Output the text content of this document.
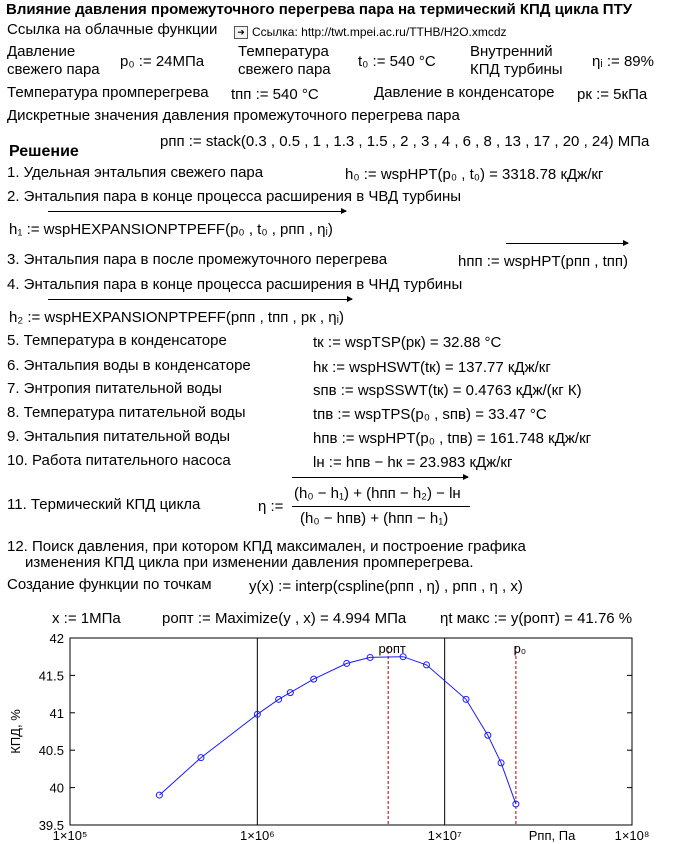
Влияние давления промежуточного перегрева пара на термический КПД цикла ПТУ
Ссылка на облачные функции	➜ Ссылка: http://twt.mpei.ac.ru/TTHB/H2O.xmcdz
Давление
свежего пара p₀ := 24МПа
Температура
свежего пара t₀ := 540 °C
Внутренний
КПД турбины ηᵢ := 89%
Температура промперегрева tпп := 540 °C	Давление в конденсаторе pк := 5кПа
Дискретные значения давления промежуточного перегрева пара
pпп := stack(0.3 , 0.5 , 1 , 1.3 , 1.5 , 2 , 3 , 4 , 6 , 8 , 13 , 17 , 20 , 24) МПа
Решение
1. Удельная энтальпия свежего пара	h₀ := wspHPT(p₀ , t₀) = 3318.78 кДж/кг
2. Энтальпия пара в конце процесса расширения в ЧВД турбины
h₁ := wspHEXPANSIONPTPEFF(p₀ , t₀ , pпп , ηᵢ)
3. Энтальпия пара в после промежуточного перегрева	hпп := wspHPT(pпп , tпп)
4. Энтальпия пара в конце процесса расширения в ЧНД турбины
h₂ := wspHEXPANSIONPTPEFF(pпп , tпп , pк , ηᵢ)
5. Температура в конденсаторе	tк := wspTSP(pк) = 32.88 °C
6. Энтальпия воды в конденсаторе	hк := wspHSWT(tк) = 137.77 кДж/кг
7. Энтропия питательной воды	sпв := wspSSWT(tк) = 0.4763 кДж/(кг К)
8. Температура питательной воды	tпв := wspTPS(p₀ , sпв) = 33.47 °C
9. Энтальпия питательной воды	hпв := wspHPT(p₀ , tпв) = 161.748 кДж/кг
10. Работа питательного насоса	lн := hпв − hк = 23.983 кДж/кг
11. Термический КПД цикла	η :=
(h₀ − h₁) + (hпп − h₂) − lн
(h₀ − hпв) + (hпп − h₁)
12. Поиск давления, при котором КПД максимален, и построение графика
изменения КПД цикла при изменении давления промперегрева.
Создание функции по точкам y(x) := interp(cspline(pпп , η) , pпп , η , x)
x := 1МПа	pопт := Maximize(y , x) = 4.994 МПа ηt макс := y(pопт) = 41.76 %
39.5
40
40.5
41
41.5
42
1×10⁵	1×10⁶	1×10⁷	1×10⁸
КПД, %
Рпп, Па
pопт	p₀
